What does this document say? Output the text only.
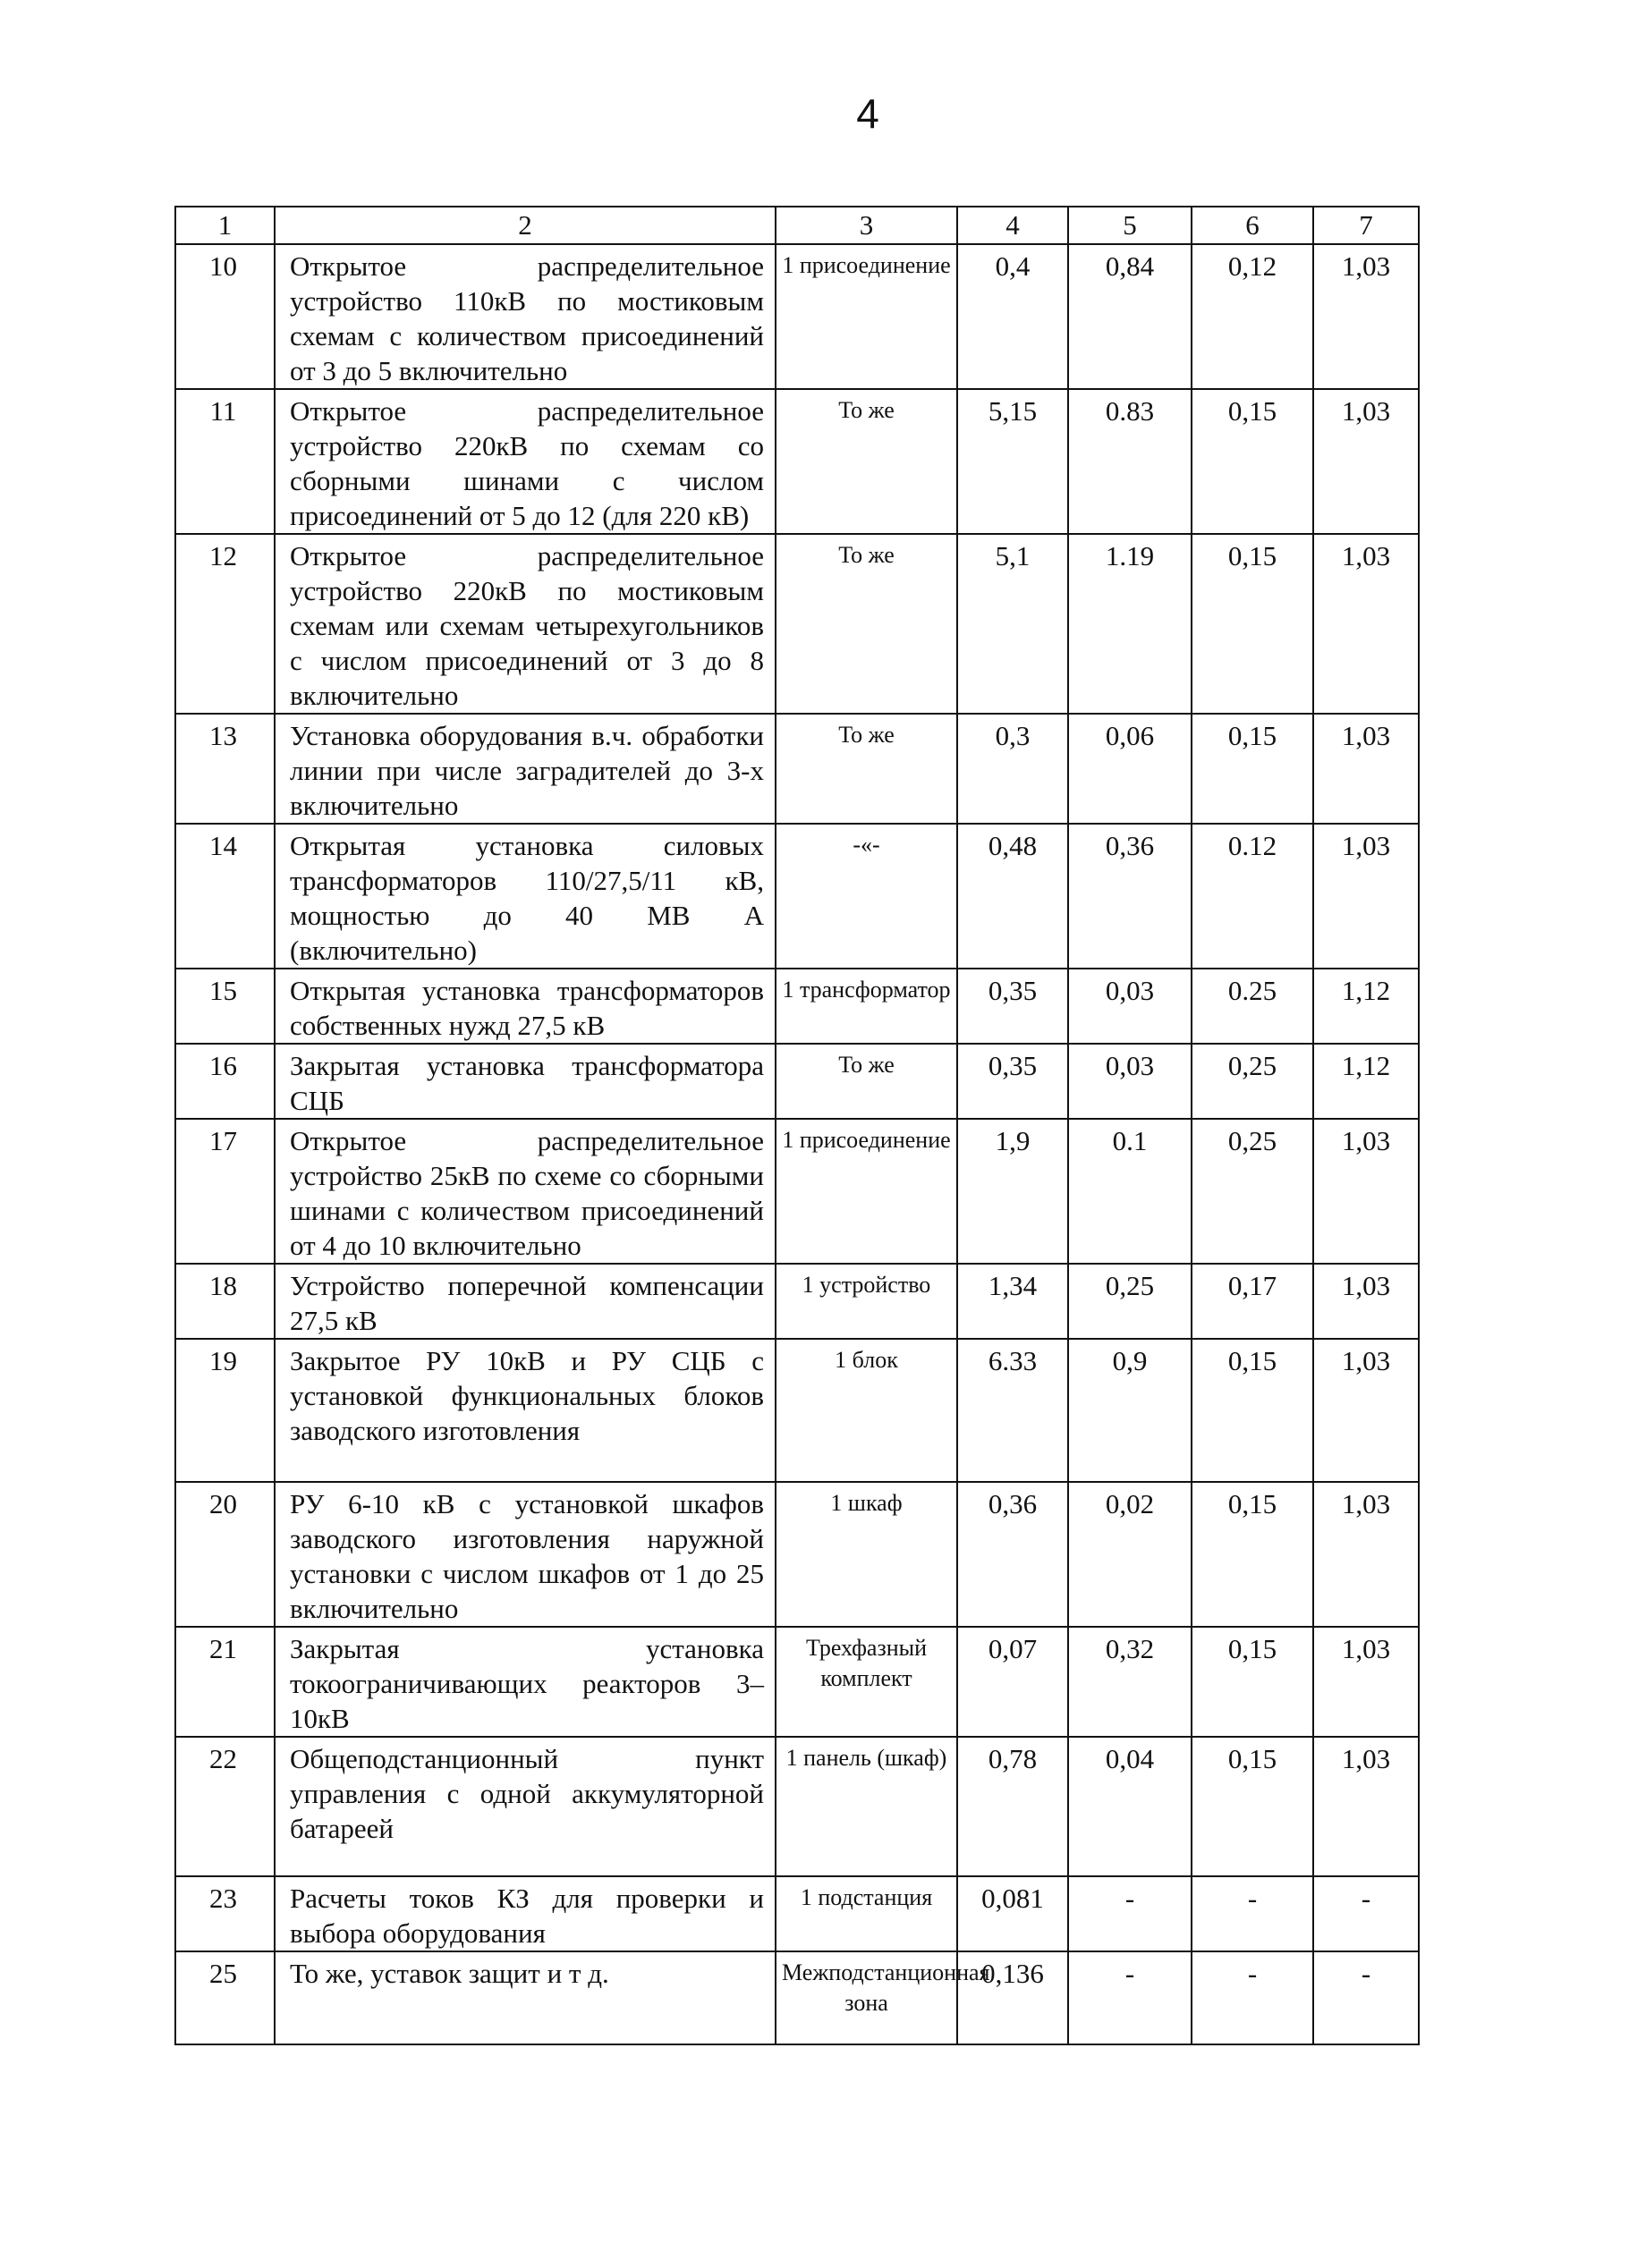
4
1	2	3	4	5	6	7
10	Открытое распределительное устройство 110кВ по мостиковым схемам с количеством присоединений от 3 до 5 включительно	1 присоединение	0,4	0,84	0,12	1,03
11	Открытое распределительное устройство 220кВ по схемам со сборными шинами с числом присоединений от 5 до 12 (для 220 кВ)	То же	5,15	0.83	0,15	1,03
12	Открытое распределительное устройство 220кВ по мостиковым схемам или схемам четырехугольников с числом присоединений от 3 до 8 включительно	То же	5,1	1.19	0,15	1,03
13	Установка оборудования в.ч. обработки линии при числе заградителей до 3-х включительно	То же	0,3	0,06	0,15	1,03
14	Открытая установка силовых трансформаторов 110/27,5/11 кВ, мощностью до 40 МВ А (включительно)	-«-	0,48	0,36	0.12	1,03
15	Открытая установка трансформаторов собственных нужд 27,5 кВ	1 трансформатор	0,35	0,03	0.25	1,12
16	Закрытая установка трансформатора СЦБ	То же	0,35	0,03	0,25	1,12
17	Открытое распределительное устройство 25кВ по схеме со сборными шинами с количеством присоединений от 4 до 10 включительно	1 присоединение	1,9	0.1	0,25	1,03
18	Устройство поперечной компенсации 27,5 кВ	1 устройство	1,34	0,25	0,17	1,03
19	Закрытое РУ 10кВ и РУ СЦБ с установкой функциональных блоков заводского изготовления	1 блок	6.33	0,9	0,15	1,03
20	РУ 6-10 кВ с установкой шкафов заводского изготовления наружной установки с числом шкафов от 1 до 25 включительно	1 шкаф	0,36	0,02	0,15	1,03
21	Закрытая установка токоограничивающих реакторов 3–10кВ	Трехфазный комплект	0,07	0,32	0,15	1,03
22	Общеподстанционный пункт управления с одной аккумуляторной батареей	1 панель (шкаф)	0,78	0,04	0,15	1,03
23	Расчеты токов КЗ для проверки и выбора оборудования	1 подстанция	0,081	-	-	-
25	То же, уставок защит и т д.	Межподстанционная зона	0,136	-	-	-
